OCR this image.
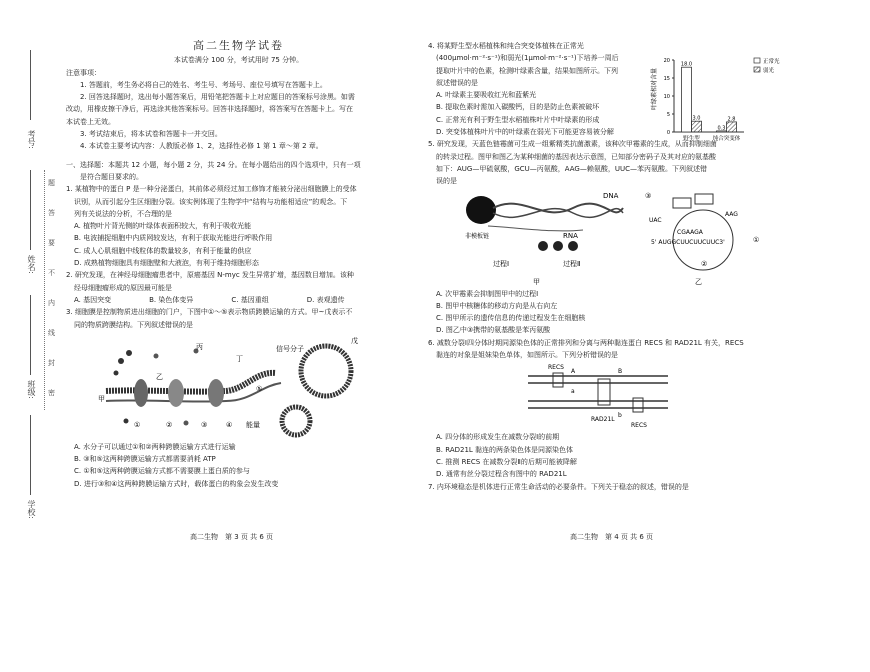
考号:
姓名:
班级:
学校:
题
答
要
不
内
线
封
密

高二生物学试卷

本试卷满分 100 分，考试用时 75 分钟。

注意事项：

1. 答题前，考生务必将自己的姓名、考生号、考场号、座位号填写在答题卡上。

2. 回答选择题时，选出每小题答案后，用铅笔把答题卡上对应题目的答案标号涂黑。如需

改动，用橡皮擦干净后，再选涂其他答案标号。回答非选择题时，将答案写在答题卡上。写在

本试卷上无效。

3. 考试结束后，将本试卷和答题卡一并交回。

4. 本试卷主要考试内容：人教版必修 1、2，选择性必修 1 第 1 章～第 2 章。

一、选择题：本题共 12 小题，每小题 2 分，共 24 分。在每小题给出的四个选项中，只有一项

是符合题目要求的。

1. 某植物中的蛋白 P 是一种分泌蛋白，其前体必须经过加工修饰才能被分泌出细胞膜上的受体

识别，从而引起分生区细胞分裂。该实例体现了生物学中“结构与功能相适应”的观念。下

列有关说法的分析，不合理的是

A. 植物叶片背光侧的叶绿体表面积较大，有利于吸收光能

B. 电波捕捉细胞中内质网较发达，有利于获取光能进行呼吸作用

C. 成人心肌细胞中线粒体的数量较多，有利于能量的供应

D. 成熟植物细胞具有细胞壁和大液泡，有利于维持细胞形态

2. 研究发现，在神经母细胞瘤患者中，原癌基因 N-myc 发生异常扩增，基因数目增加。该种

经母细胞瘤形成的原因最可能是

A. 基因突变	B. 染色体变异	C. 基因重组	D. 表观遗传

3. 细胞膜是控制物质进出细胞的门户，下图中①～⑤表示物质跨膜运输的方式。甲~戊表示不

同的物质跨膜结构。下列叙述错误的是

甲
乙
丙
丁
戊
①	②	③	④
⑤
能量
信号分子

A. 水分子可以通过①和②两种跨膜运输方式进行运输

B. ③和⑤这两种跨膜运输方式都需要消耗 ATP

C. ①和⑤这两种跨膜运输方式都不需要膜上蛋白质的参与

D. 进行③和④这两种跨膜运输方式时，载体蛋白的构象会发生改变

4. 将某野生型水稻植株和纯合突变体植株在正常光

(400μmol·m⁻²·s⁻¹)和弱光(1μmol·m⁻²·s⁻¹)下培养一周后

提取叶片中的色素，检测叶绿素含量，结果如图所示。下列

叙述错误的是

A. 叶绿素主要吸收红光和蓝紫光

B. 提取色素时需加入碳酸钙，目的是防止色素被破坏

C. 正常光有利于野生型水稻植株叶片中叶绿素的形成

D. 突变体植株叶片中的叶绿素在弱光下可能更容易被分解

5. 研究发现，天蓝色链霉菌可生成一组紫精类抗菌激素，该种次甲霉素的生成，从而抑制细菌

的转录过程。图甲和图乙为某种细菌的基因表达示意图，已知部分密码子及其对应的氨基酸

如下：AUG—甲硫氨酸，GCU—丙氨酸，AAG—赖氨酸，UUC—苯丙氨酸。下列叙述错

误的是

DNA
RNA
非模板链
过程Ⅰ	过程Ⅱ
甲	乙
③
②
①
AAG
UAC
CGAAGA
5' AUGGCUUCUUCUUC3'

A. 次甲霉素会抑制图甲中的过程Ⅰ

B. 图甲中核糖体的移动方向是从右向左

C. 图甲所示的遗传信息的传递过程发生在细胞核

D. 图乙中③携带的氨基酸是苯丙氨酸

6. 减数分裂Ⅰ四分体时期同源染色体的正常排列和分离与两种黏连蛋白 RECS 和 RAD21L 有关，RECS

黏连的对象是姐妹染色单体，如图所示。下列分析错误的是

RECS
A
a
B
b
RAD21L
RECS

A. 四分体的形成发生在减数分裂Ⅰ的前期

B. RAD21L 黏连的两条染色体是同源染色体

C. 推测 RECS 在减数分裂Ⅱ的后期可能被降解

D. 通常有丝分裂过程含有图中的 RAD21L

7. 内环境稳态是机体进行正常生命活动的必要条件。下列关于稳态的叙述，错误的是

叶绿素相对含量
0
5
10
15
20
18.0
3.0
野生型
0.3
2.8
纯合突变体
正常光
弱光
高二生物　第 3 页 共 6 页	高二生物　第 4 页 共 6 页
